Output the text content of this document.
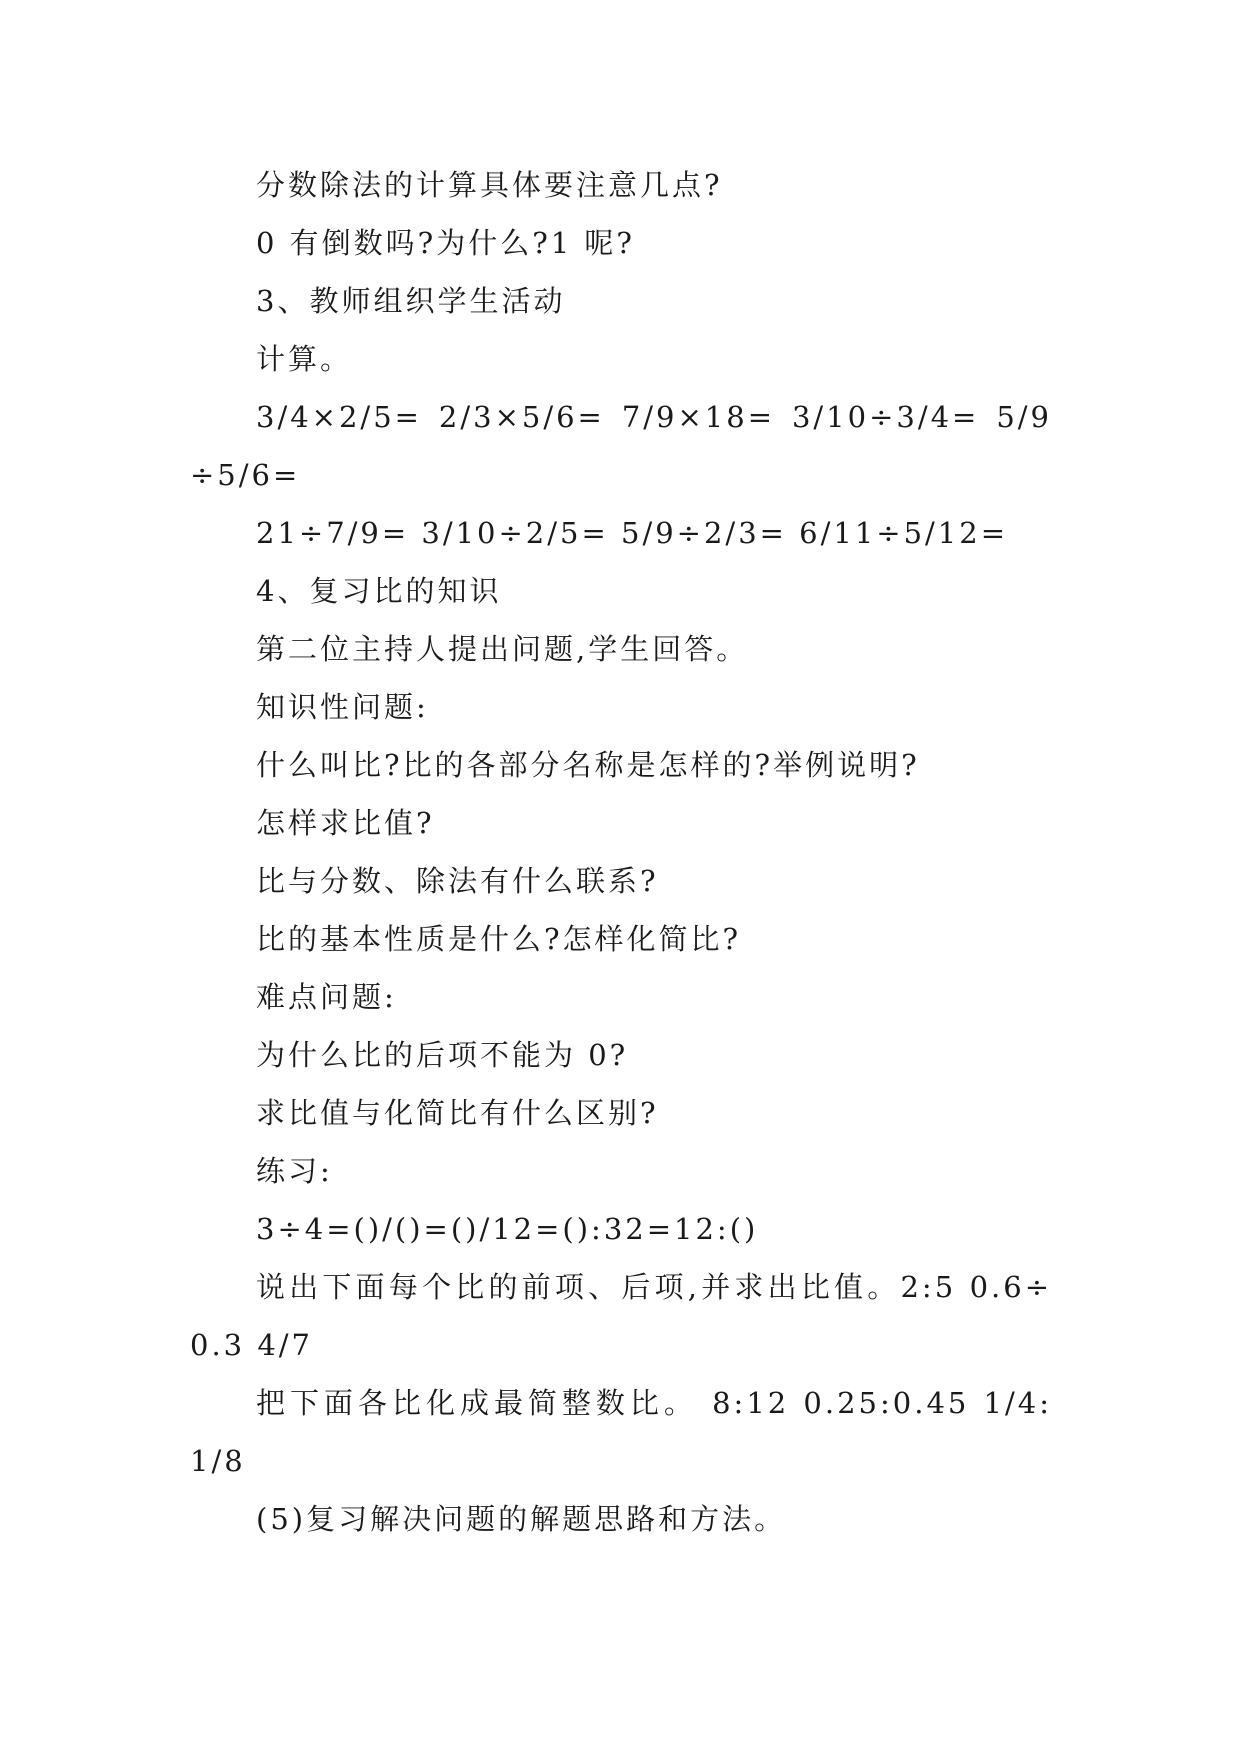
分数除法的计算具体要注意几点?

0 有倒数吗?为什么?1 呢?

3、教师组织学生活动

计算。

3/4×2/5= 2/3×5/6= 7/9×18= 3/10÷3/4= 5/9÷5/6=

21÷7/9= 3/10÷2/5= 5/9÷2/3= 6/11÷5/12=

4、复习比的知识

第二位主持人提出问题,学生回答。

知识性问题:

什么叫比?比的各部分名称是怎样的?举例说明?

怎样求比值?

比与分数、除法有什么联系?

比的基本性质是什么?怎样化简比?

难点问题:

为什么比的后项不能为 0?

求比值与化简比有什么区别?

练习:

3÷4=()/()=()/12=():32=12:()

说出下面每个比的前项、后项,并求出比值。2:5 0.6÷0.3 4/7

把下面各比化成最简整数比。 8:12 0.25:0.45 1/4:1/8

(5)复习解决问题的解题思路和方法。
